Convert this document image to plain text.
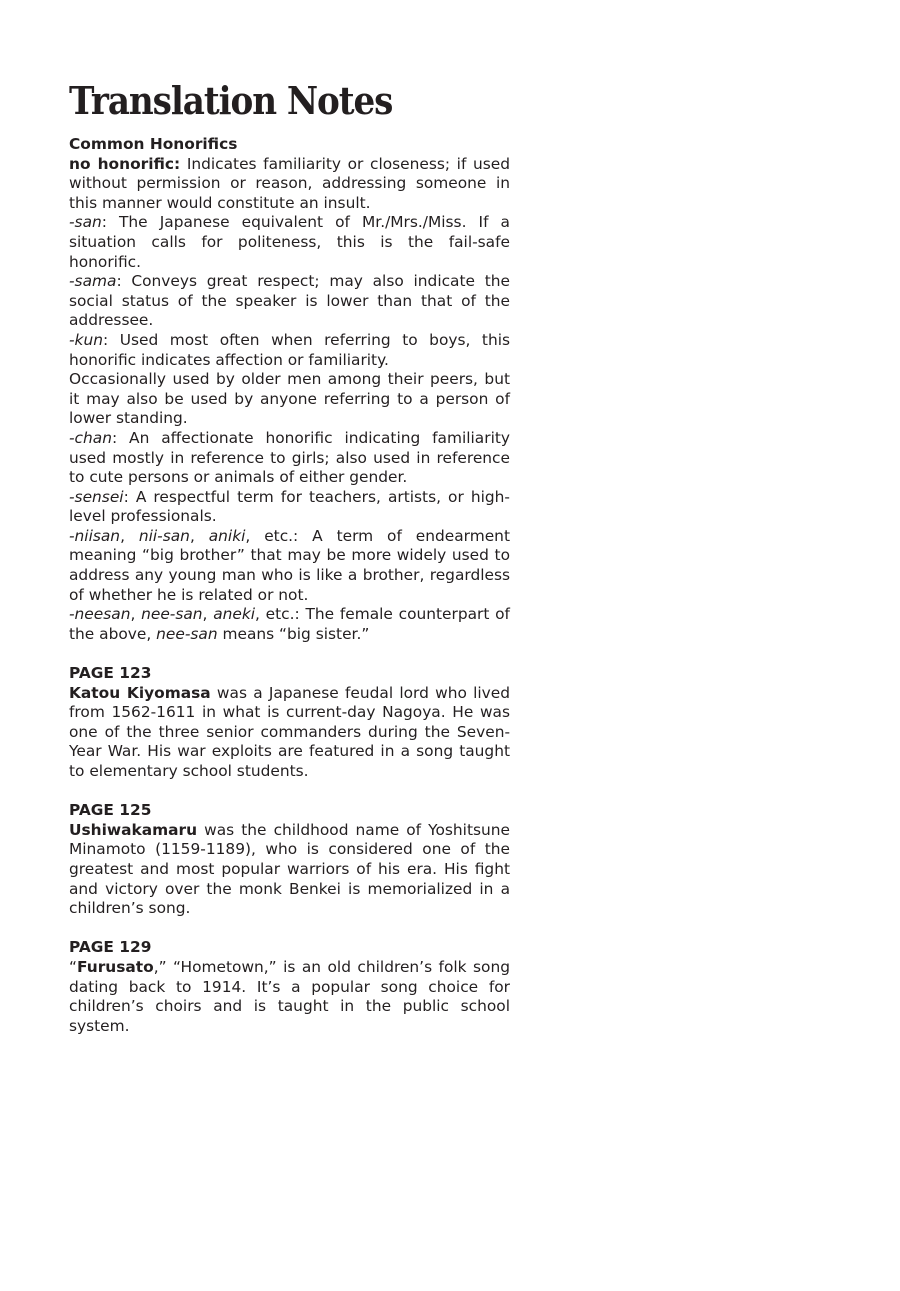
Translation Notes

Common Honorifics

no honorific: Indicates familiarity or closeness; if used without permission or reason, addressing someone in this manner would constitute an insult.

-san: The Japanese equivalent of Mr./Mrs./Miss. If a situation calls for politeness, this is the fail-safe honorific.

-sama: Conveys great respect; may also indicate the social status of the speaker is lower than that of the addressee.

-kun: Used most often when referring to boys, this honorific indicates affection or familiarity.

Occasionally used by older men among their peers, but it may also be used by anyone referring to a person of lower standing.

-chan: An affectionate honorific indicating familiarity used mostly in reference to girls; also used in reference to cute persons or animals of either gender.

-sensei: A respectful term for teachers, artists, or high-level professionals.

-niisan, nii-san, aniki, etc.: A term of endearment meaning “big brother” that may be more widely used to address any young man who is like a brother, regardless of whether he is related or not.

-neesan, nee-san, aneki, etc.: The female counterpart of the above, nee-san means “big sister.”

PAGE 123

Katou Kiyomasa was a Japanese feudal lord who lived from 1562-1611 in what is current-day Nagoya. He was one of the three senior commanders during the Seven-Year War. His war exploits are featured in a song taught to elementary school students.

PAGE 125

Ushiwakamaru was the childhood name of Yoshitsune Minamoto (1159-1189), who is considered one of the greatest and most popular warriors of his era. His fight and victory over the monk Benkei is memorialized in a children’s song.

PAGE 129

“Furusato,” “Hometown,” is an old children’s folk song dating back to 1914. It’s a popular song choice for children’s choirs and is taught in the public school system.
